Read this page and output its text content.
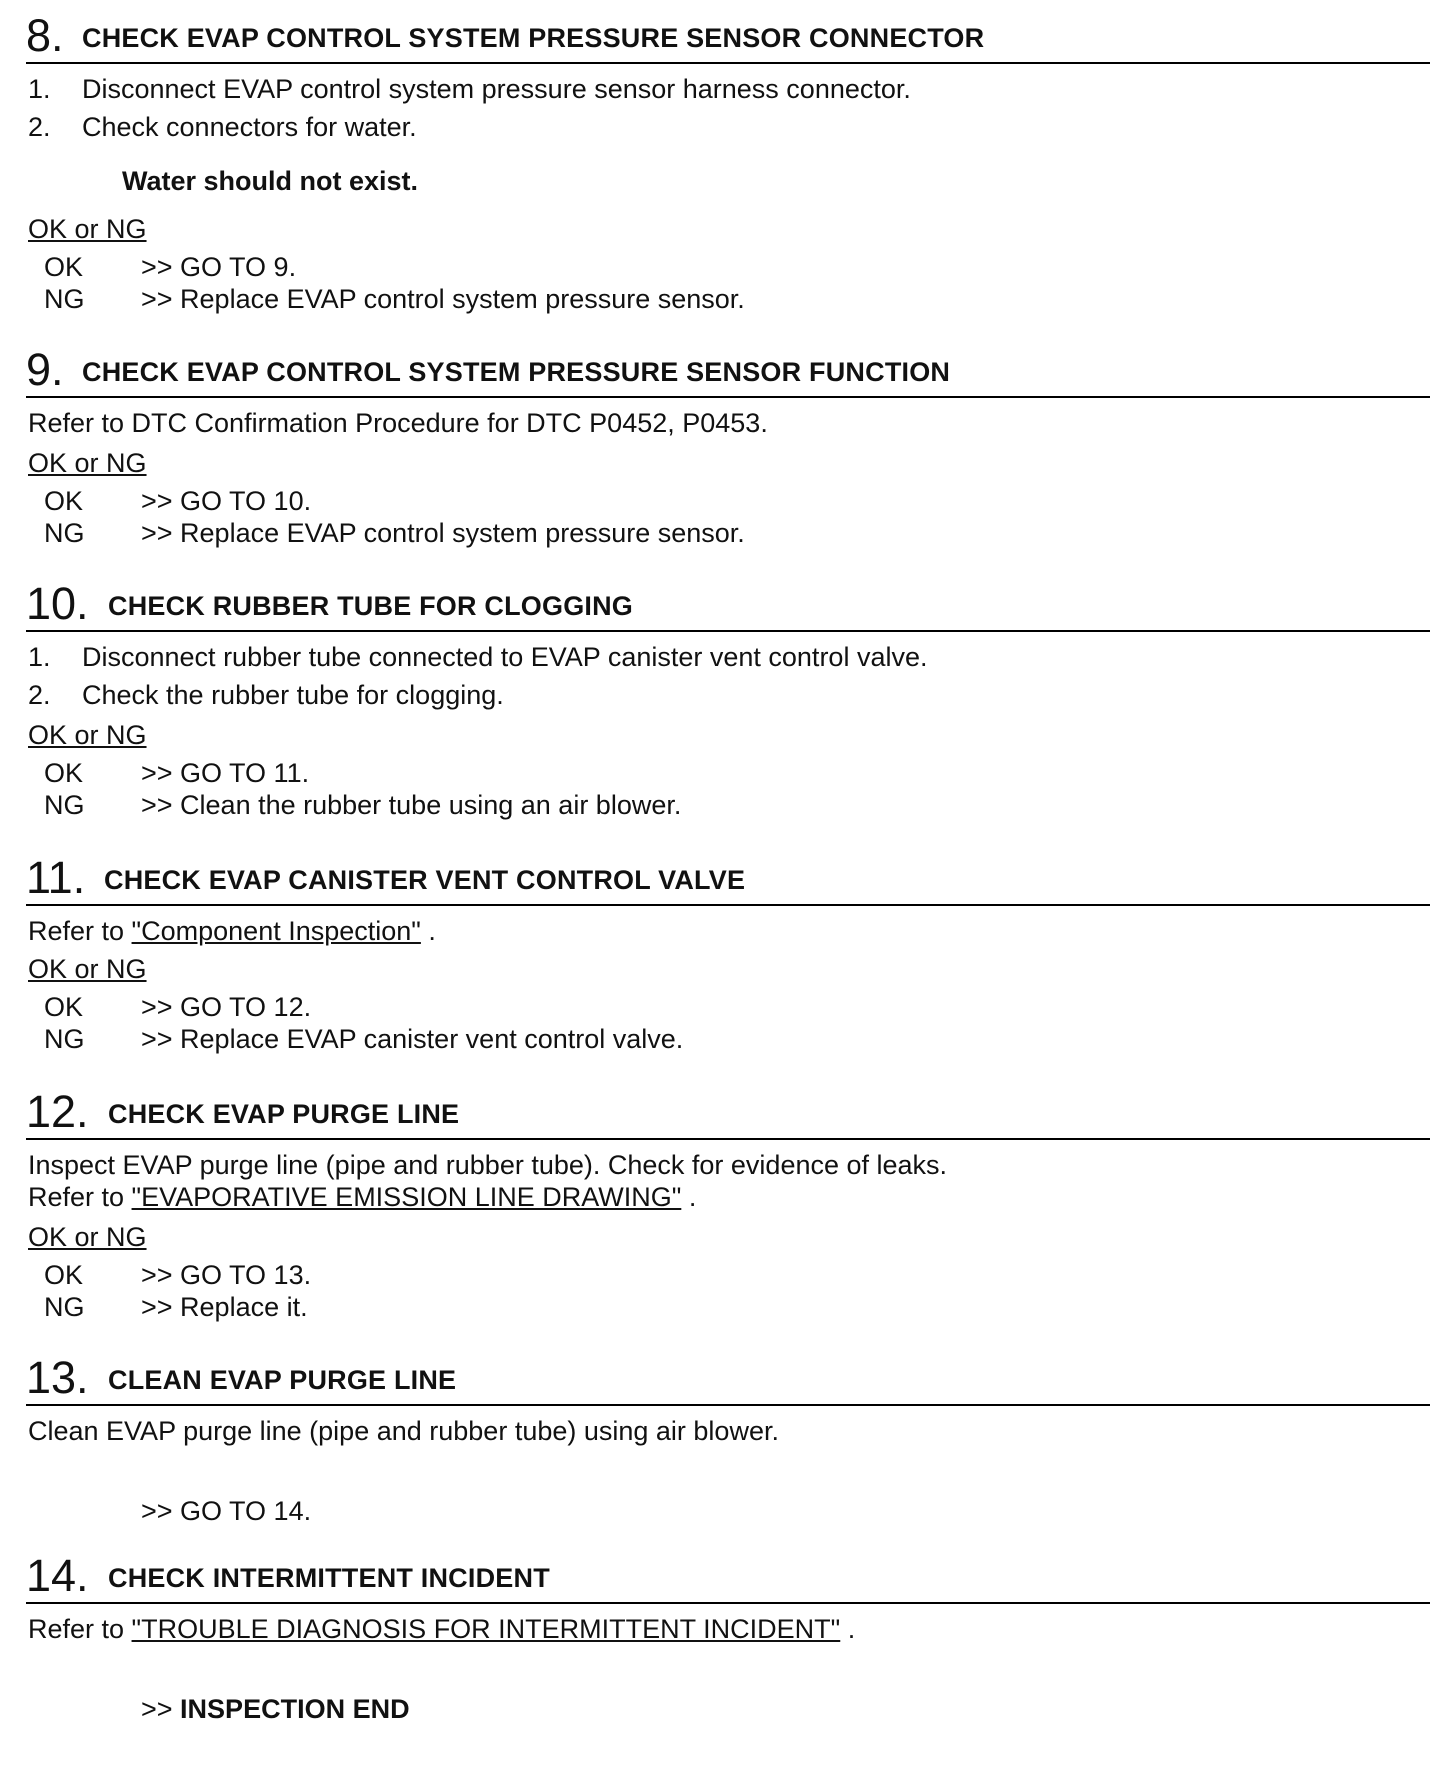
8. CHECK EVAP CONTROL SYSTEM PRESSURE SENSOR CONNECTOR
1. Disconnect EVAP control system pressure sensor harness connector.
2. Check connectors for water.
Water should not exist.
OK or NG
OK >> GO TO 9.
NG >> Replace EVAP control system pressure sensor.
9. CHECK EVAP CONTROL SYSTEM PRESSURE SENSOR FUNCTION
Refer to DTC Confirmation Procedure for DTC P0452, P0453.
OK or NG
OK >> GO TO 10.
NG >> Replace EVAP control system pressure sensor.
10. CHECK RUBBER TUBE FOR CLOGGING
1. Disconnect rubber tube connected to EVAP canister vent control valve.
2. Check the rubber tube for clogging.
OK or NG
OK >> GO TO 11.
NG >> Clean the rubber tube using an air blower.
11. CHECK EVAP CANISTER VENT CONTROL VALVE
Refer to "Component Inspection" .
OK or NG
OK >> GO TO 12.
NG >> Replace EVAP canister vent control valve.
12. CHECK EVAP PURGE LINE
Inspect EVAP purge line (pipe and rubber tube). Check for evidence of leaks.
Refer to "EVAPORATIVE EMISSION LINE DRAWING" .
OK or NG
OK >> GO TO 13.
NG >> Replace it.
13. CLEAN EVAP PURGE LINE
Clean EVAP purge line (pipe and rubber tube) using air blower.
>> GO TO 14.
14. CHECK INTERMITTENT INCIDENT
Refer to "TROUBLE DIAGNOSIS FOR INTERMITTENT INCIDENT" .
>> INSPECTION END
